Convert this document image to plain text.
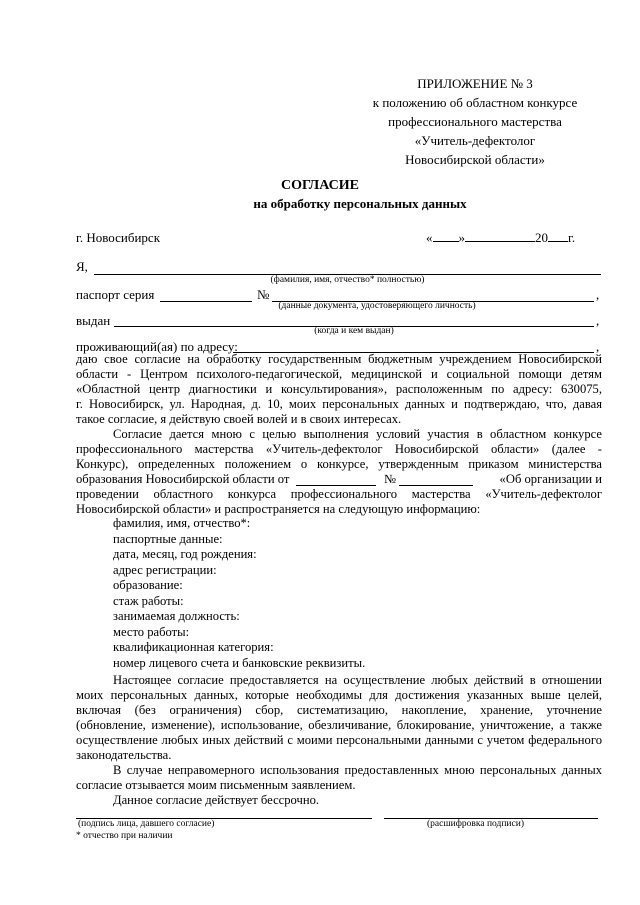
ПРИЛОЖЕНИЕ № 3
к положению об областном конкурсе
профессионального мастерства
«Учитель-дефектолог
Новосибирской области»
СОГЛАСИЕ
на обработку персональных данных
г. Новосибирск	« »	20 г.
Я,
(фамилия, имя, отчество* полностью)
паспорт серия	№	,
(данные документа, удостоверяющего личность)
выдан	,
(когда и кем выдан)
проживающий(ая) по адресу:	,
даю свое согласие на обработку государственным бюджетным учреждением Новосибирской
области - Центром психолого-педагогической, медицинской и социальной помощи детям
«Областной центр диагностики и консультирования», расположенным по адресу: 630075,
г. Новосибирск, ул. Народная, д. 10, моих персональных данных и подтверждаю, что, давая
такое согласие, я действую своей волей и в своих интересах.
Согласие дается мною с целью выполнения условий участия в областном конкурсе
профессионального мастерства «Учитель-дефектолог Новосибирской области» (далее -
Конкурс), определенных положением о конкурсе, утвержденным приказом министерства
образования Новосибирской области от	№	«Об организации и
проведении областного конкурса профессионального мастерства «Учитель-дефектолог
Новосибирской области» и распространяется на следующую информацию:
фамилия, имя, отчество*:
паспортные данные:
дата, месяц, год рождения:
адрес регистрации:
образование:
стаж работы:
занимаемая должность:
место работы:
квалификационная категория:
номер лицевого счета и банковские реквизиты.
Настоящее согласие предоставляется на осуществление любых действий в отношении
моих персональных данных, которые необходимы для достижения указанных выше целей,
включая (без ограничения) сбор, систематизацию, накопление, хранение, уточнение
(обновление, изменение), использование, обезличивание, блокирование, уничтожение, а также
осуществление любых иных действий с моими персональными данными с учетом федерального
законодательства.
В случае неправомерного использования предоставленных мною персональных данных
согласие отзывается моим письменным заявлением.
Данное согласие действует бессрочно.
(подпись лица, давшего согласие)	(расшифровка подписи)
* отчество при наличии
